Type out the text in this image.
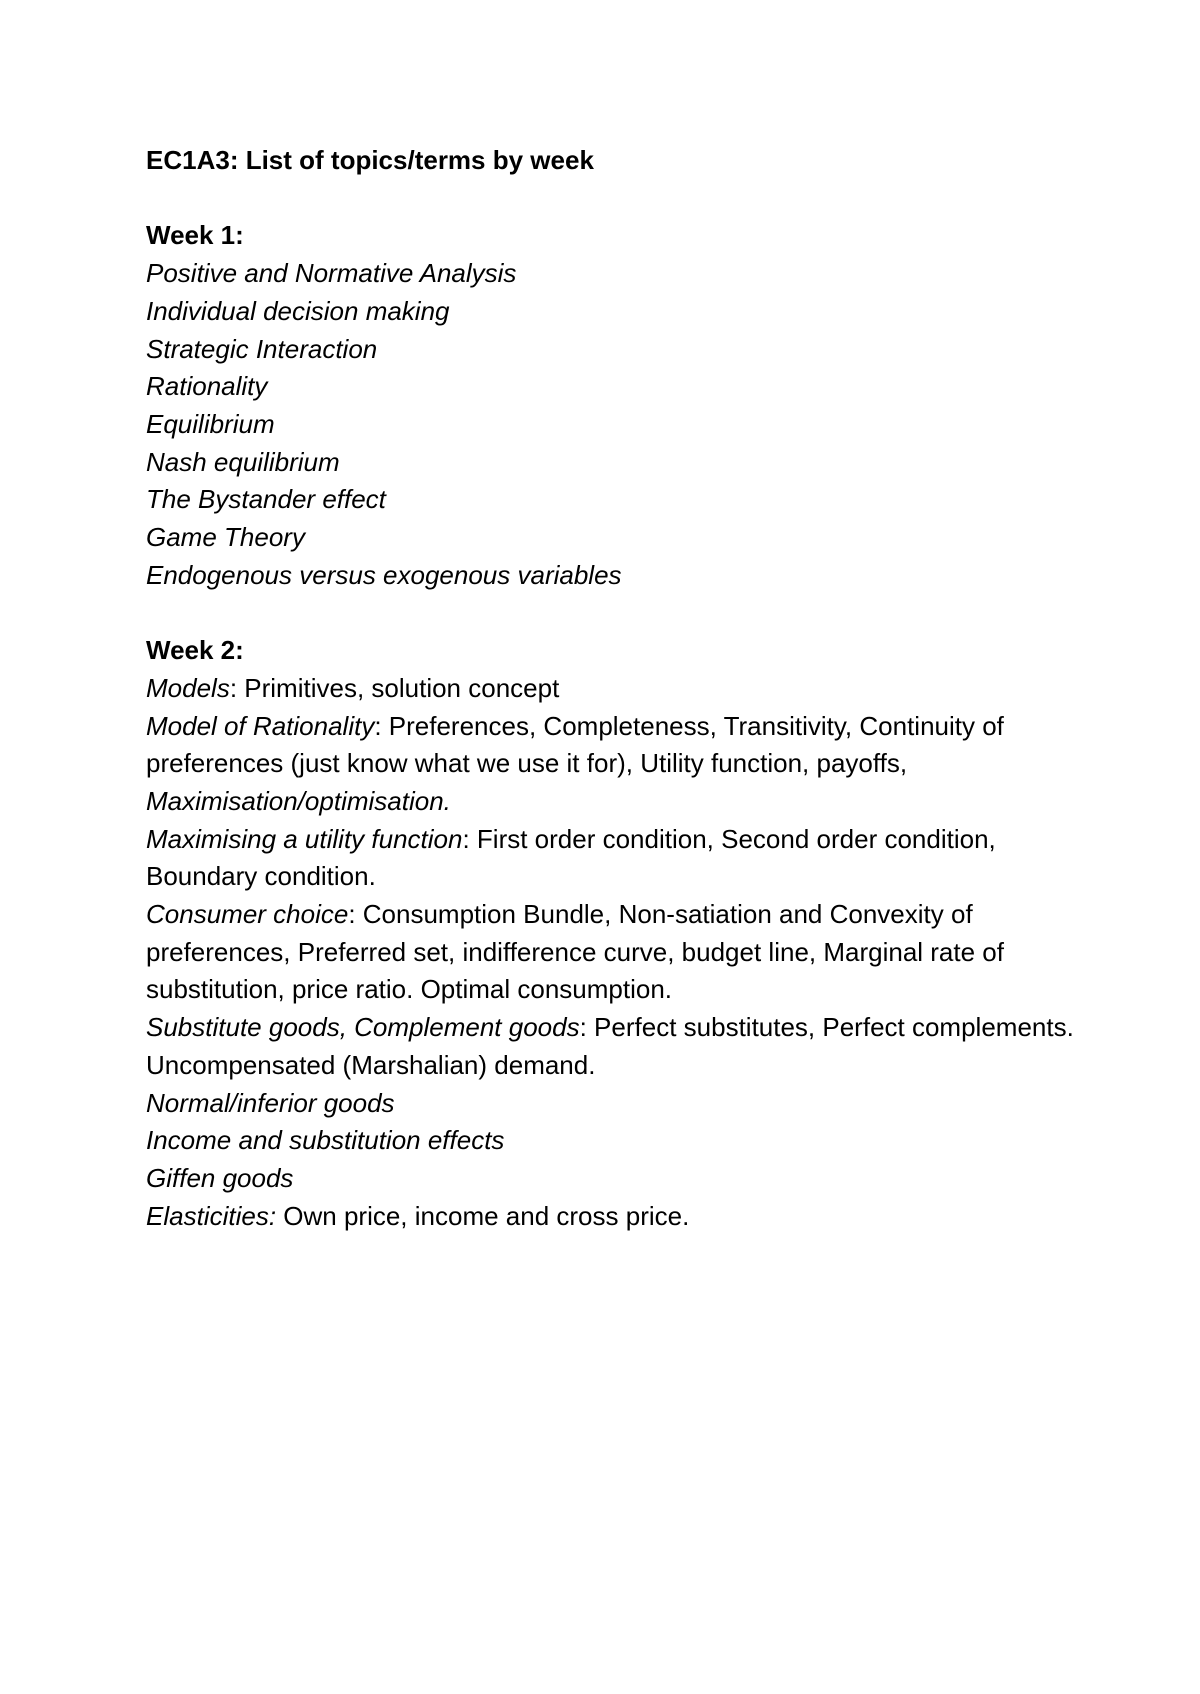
EC1A3: List of topics/terms by week

Week 1:

Positive and Normative Analysis
Individual decision making
Strategic Interaction
Rationality
Equilibrium
Nash equilibrium
The Bystander effect
Game Theory
Endogenous versus exogenous variables

Week 2:

Models: Primitives, solution concept

Model of Rationality: Preferences, Completeness, Transitivity, Continuity of preferences (just know what we use it for), Utility function, payoffs, Maximisation/optimisation.

Maximising a utility function: First order condition, Second order condition, Boundary condition.

Consumer choice: Consumption Bundle, Non-satiation and Convexity of preferences, Preferred set, indifference curve, budget line, Marginal rate of substitution, price ratio. Optimal consumption.

Substitute goods, Complement goods: Perfect substitutes, Perfect complements.

Uncompensated (Marshalian) demand.

Normal/inferior goods

Income and substitution effects

Giffen goods

Elasticities: Own price, income and cross price.
